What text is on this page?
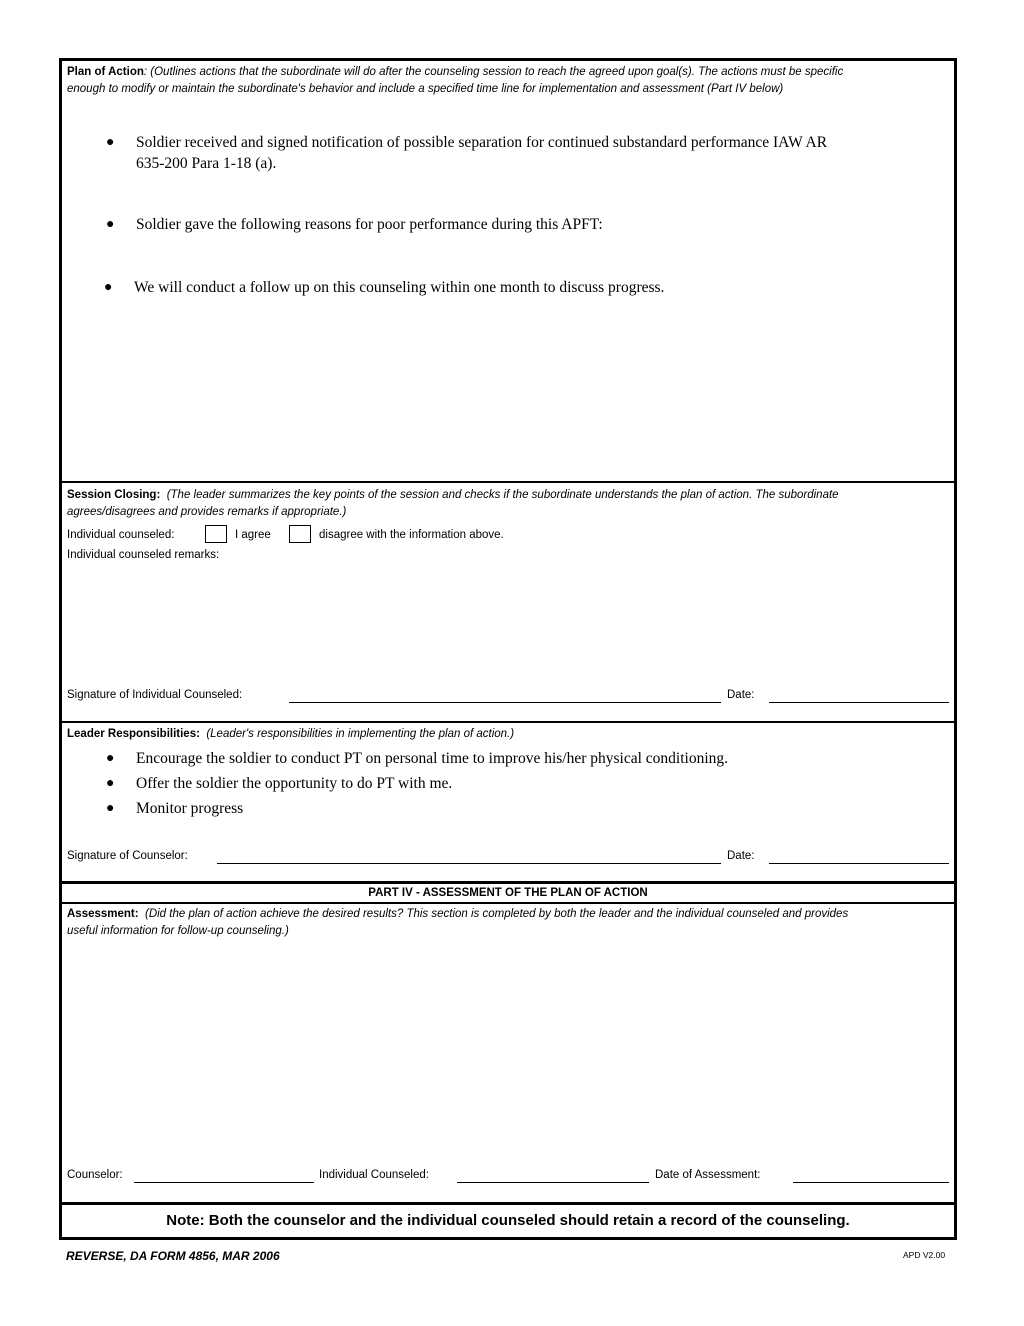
Plan of Action: (Outlines actions that the subordinate will do after the counseling session to reach the agreed upon goal(s). The actions must be specific
enough to modify or maintain the subordinate's behavior and include a specified time line for implementation and assessment (Part IV below)
● Soldier received and signed notification of possible separation for continued substandard performance IAW AR
635-200 Para 1-18 (a).
● Soldier gave the following reasons for poor performance during this APFT:
● We will conduct a follow up on this counseling within one month to discuss progress.
Session Closing: (The leader summarizes the key points of the session and checks if the subordinate understands the plan of action. The subordinate
agrees/disagrees and provides remarks if appropriate.)
Individual counseled:	I agree	disagree with the information above.
Individual counseled remarks:
Signature of Individual Counseled:	Date:
Leader Responsibilities: (Leader's responsibilities in implementing the plan of action.)
● Encourage the soldier to conduct PT on personal time to improve his/her physical conditioning.
● Offer the soldier the opportunity to do PT with me.
● Monitor progress
Signature of Counselor:	Date:
PART IV - ASSESSMENT OF THE PLAN OF ACTION
Assessment: (Did the plan of action achieve the desired results? This section is completed by both the leader and the individual counseled and provides
useful information for follow-up counseling.)
Counselor:	Individual Counseled:	Date of Assessment:
Note: Both the counselor and the individual counseled should retain a record of the counseling.
REVERSE, DA FORM 4856, MAR 2006	APD V2.00
